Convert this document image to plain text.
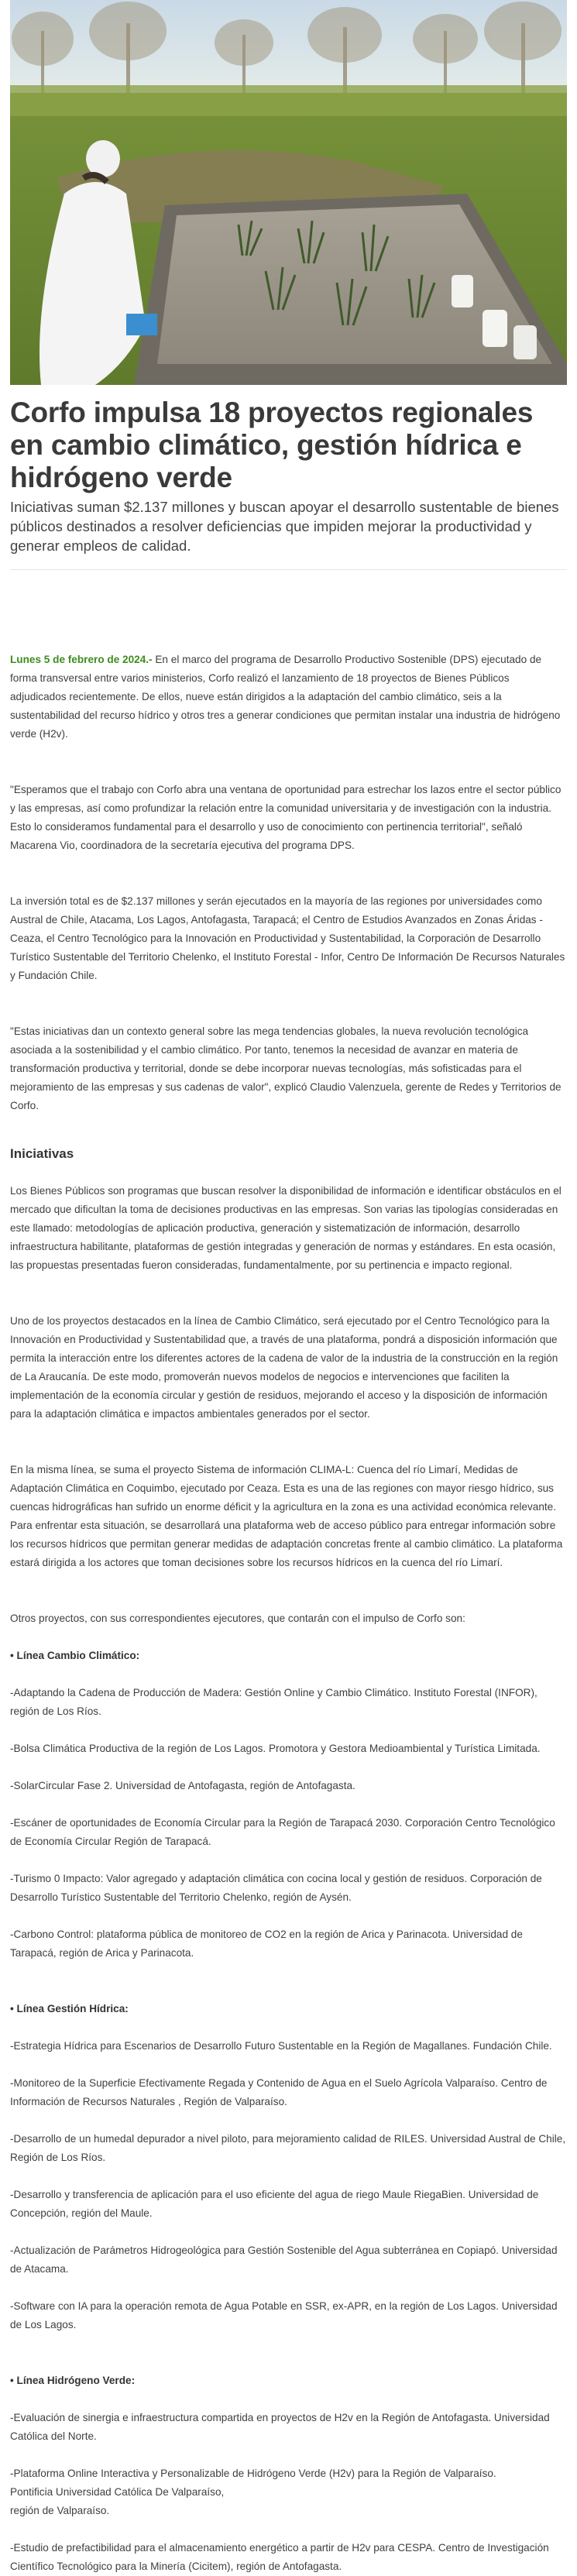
Corfo impulsa 18 proyectos regionales en cambio climático, gestión hídrica e hidrógeno verde

Iniciativas suman $2.137 millones y buscan apoyar el desarrollo sustentable de bienes públicos destinados a resolver deficiencias que impiden mejorar la productividad y generar empleos de calidad.

Lunes 5 de febrero de 2024.- En el marco del programa de Desarrollo Productivo Sostenible (DPS) ejecutado de forma transversal entre varios ministerios, Corfo realizó el lanzamiento de 18 proyectos de Bienes Públicos adjudicados recientemente. De ellos, nueve están dirigidos a la adaptación del cambio climático, seis a la sustentabilidad del recurso hídrico y otros tres a generar condiciones que permitan instalar una industria de hidrógeno verde (H2v).

"Esperamos que el trabajo con Corfo abra una ventana de oportunidad para estrechar los lazos entre el sector público y las empresas, así como profundizar la relación entre la comunidad universitaria y de investigación con la industria. Esto lo consideramos fundamental para el desarrollo y uso de conocimiento con pertinencia territorial", señaló Macarena Vio, coordinadora de la secretaría ejecutiva del programa DPS.

La inversión total es de $2.137 millones y serán ejecutados en la mayoría de las regiones por universidades como Austral de Chile, Atacama, Los Lagos, Antofagasta, Tarapacá; el Centro de Estudios Avanzados en Zonas Áridas -Ceaza, el Centro Tecnológico para la Innovación en Productividad y Sustentabilidad, la Corporación de Desarrollo Turístico Sustentable del Territorio Chelenko, el Instituto Forestal - Infor, Centro De Información De Recursos Naturales y Fundación Chile.

"Estas iniciativas dan un contexto general sobre las mega tendencias globales, la nueva revolución tecnológica asociada a la sostenibilidad y el cambio climático. Por tanto, tenemos la necesidad de avanzar en materia de transformación productiva y territorial, donde se debe incorporar nuevas tecnologías, más sofisticadas para el mejoramiento de las empresas y sus cadenas de valor", explicó Claudio Valenzuela, gerente de Redes y Territorios de Corfo.

Iniciativas

Los Bienes Públicos son programas que buscan resolver la disponibilidad de información e identificar obstáculos en el mercado que dificultan la toma de decisiones productivas en las empresas. Son varias las tipologías consideradas en este llamado: metodologías de aplicación productiva, generación y sistematización de información, desarrollo infraestructura habilitante, plataformas de gestión integradas y generación de normas y estándares. En esta ocasión, las propuestas presentadas fueron consideradas, fundamentalmente, por su pertinencia e impacto regional.

Uno de los proyectos destacados en la línea de Cambio Climático, será ejecutado por el Centro Tecnológico para la Innovación en Productividad y Sustentabilidad que, a través de una plataforma, pondrá a disposición información que permita la interacción entre los diferentes actores de la cadena de valor de la industria de la construcción en la región de La Araucanía. De este modo, promoverán nuevos modelos de negocios e intervenciones que faciliten la implementación de la economía circular y gestión de residuos, mejorando el acceso y la disposición de información para la adaptación climática e impactos ambientales generados por el sector.

En la misma línea, se suma el proyecto Sistema de información CLIMA-L: Cuenca del río Limarí, Medidas de Adaptación Climática en Coquimbo, ejecutado por Ceaza. Esta es una de las regiones con mayor riesgo hídrico, sus cuencas hidrográficas han sufrido un enorme déficit y la agricultura en la zona es una actividad económica relevante. Para enfrentar esta situación, se desarrollará una plataforma web de acceso público para entregar información sobre los recursos hídricos que permitan generar medidas de adaptación concretas frente al cambio climático. La plataforma estará dirigida a los actores que toman decisiones sobre los recursos hídricos en la cuenca del río Limarí.

Otros proyectos, con sus correspondientes ejecutores, que contarán con el impulso de Corfo son:

• Línea Cambio Climático:

-Adaptando la Cadena de Producción de Madera: Gestión Online y Cambio Climático. Instituto Forestal (INFOR), región de Los Ríos.

-Bolsa Climática Productiva de la región de Los Lagos. Promotora y Gestora Medioambiental y Turística Limitada.

-SolarCircular Fase 2. Universidad de Antofagasta, región de Antofagasta.

-Escáner de oportunidades de Economía Circular para la Región de Tarapacá 2030. Corporación Centro Tecnológico de Economía Circular Región de Tarapacá.

-Turismo 0 Impacto: Valor agregado y adaptación climática con cocina local y gestión de residuos. Corporación de Desarrollo Turístico Sustentable del Territorio Chelenko, región de Aysén.

-Carbono Control: plataforma pública de monitoreo de CO2 en la región de Arica y Parinacota. Universidad de Tarapacá, región de Arica y Parinacota.

• Línea Gestión Hídrica:

-Estrategia Hídrica para Escenarios de Desarrollo Futuro Sustentable en la Región de Magallanes. Fundación Chile.

-Monitoreo de la Superficie Efectivamente Regada y Contenido de Agua en el Suelo Agrícola Valparaíso. Centro de Información de Recursos Naturales , Región de Valparaíso.

-Desarrollo de un humedal depurador a nivel piloto, para mejoramiento calidad de RILES. Universidad Austral de Chile, Región de Los Ríos.

-Desarrollo y transferencia de aplicación para el uso eficiente del agua de riego Maule RiegaBien. Universidad de Concepción, región del Maule.

-Actualización de Parámetros Hidrogeológica para Gestión Sostenible del Agua subterránea en Copiapó. Universidad de Atacama.

-Software con IA para la operación remota de Agua Potable en SSR, ex-APR, en la región de Los Lagos. Universidad de Los Lagos.

• Línea Hidrógeno Verde:

-Evaluación de sinergia e infraestructura compartida en proyectos de H2v en la Región de Antofagasta. Universidad Católica del Norte.

-Plataforma Online Interactiva y Personalizable de Hidrógeno Verde (H2v) para la Región de Valparaíso.

Pontificia Universidad Católica De Valparaíso,

región de Valparaíso.

-Estudio de prefactibilidad para el almacenamiento energético a partir de H2v para CESPA. Centro de Investigación Científico Tecnológico para la Minería (Cicitem), región de Antofagasta.
